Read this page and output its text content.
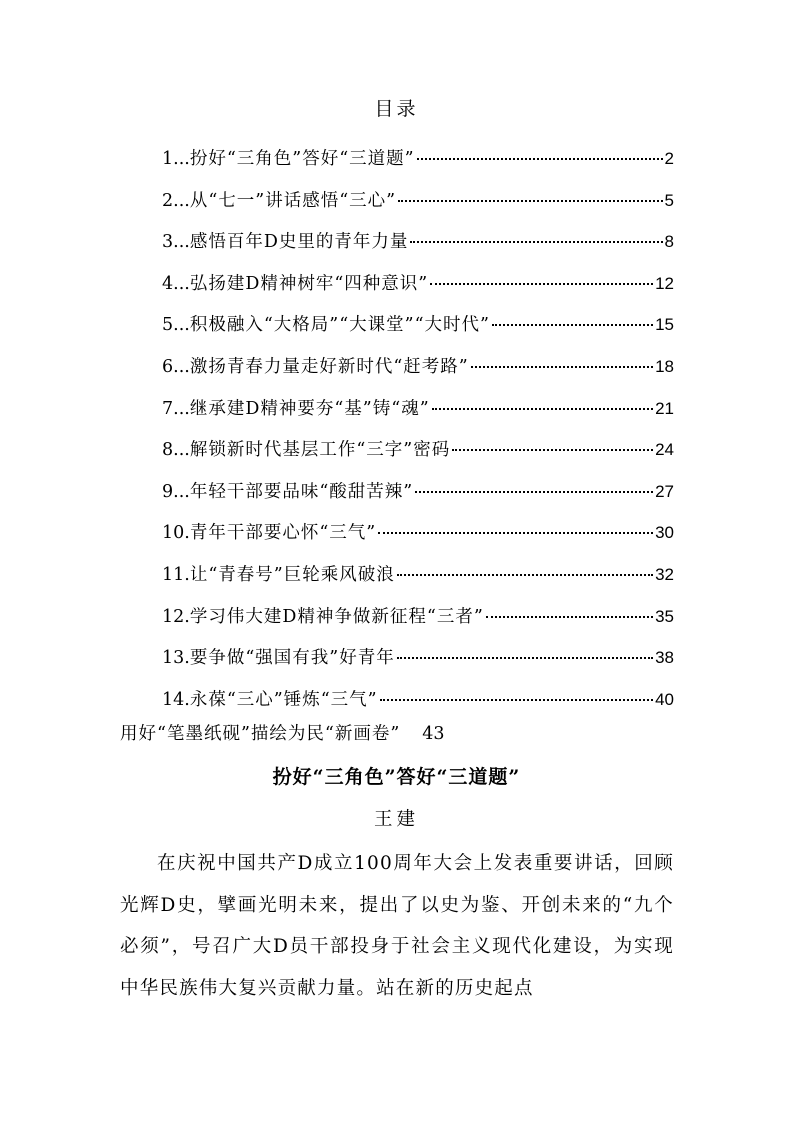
目录
1... 扮好“三角色”答好“三道题”	2
2... 从“七一”讲话感悟“三心”	5
3... 感悟百年D史里的青年力量	8
4... 弘扬建D精神树牢“四种意识”	12
5... 积极融入“大格局”“大课堂”“大时代”	15
6... 激扬青春力量走好新时代“赶考路”	18
7... 继承建D精神要夯“基”铸“魂”	21
8... 解锁新时代基层工作“三字”密码	24
9... 年轻干部要品味“酸甜苦辣”	27
10. 青年干部要心怀“三气”	30
11. 让“青春号”巨轮乘风破浪	32
12. 学习伟大建D精神争做新征程“三者”	35
13. 要争做“强国有我”好青年	38
14. 永葆“三心”锤炼“三气”	40
用好“笔墨纸砚”描绘为民“新画卷” 43
扮好“三角色”答好“三道题”
王建
在庆祝中国共产D成立100周年大会上发表重要讲话，回顾光辉D史，擘画光明未来，提出了以史为鉴、开创未来的“九个必须”，号召广大D员干部投身于社会主义现代化建设，为实现中华民族伟大复兴贡献力量。站在新的历史起点
